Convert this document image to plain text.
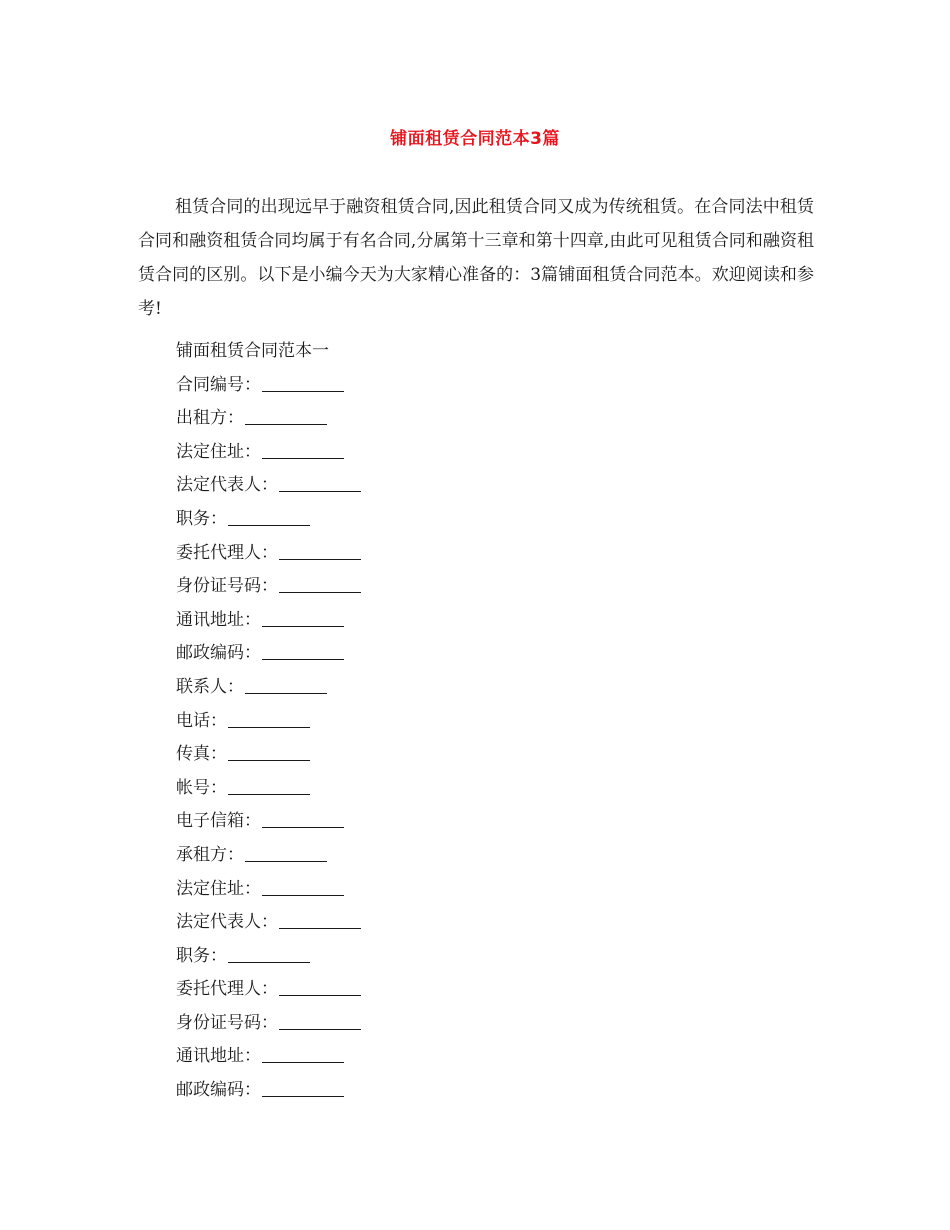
铺面租赁合同范本3篇

租赁合同的出现远早于融资租赁合同,因此租赁合同又成为传统租赁。在合同法中租赁合同和融资租赁合同均属于有名合同,分属第十三章和第十四章,由此可见租赁合同和融资租赁合同的区别。以下是小编今天为大家精心准备的：3篇铺面租赁合同范本。欢迎阅读和参考!

铺面租赁合同范本一
合同编号：
出租方：
法定住址：
法定代表人：
职务：
委托代理人：
身份证号码：
通讯地址：
邮政编码：
联系人：
电话：
传真：
帐号：
电子信箱：
承租方：
法定住址：
法定代表人：
职务：
委托代理人：
身份证号码：
通讯地址：
邮政编码：
